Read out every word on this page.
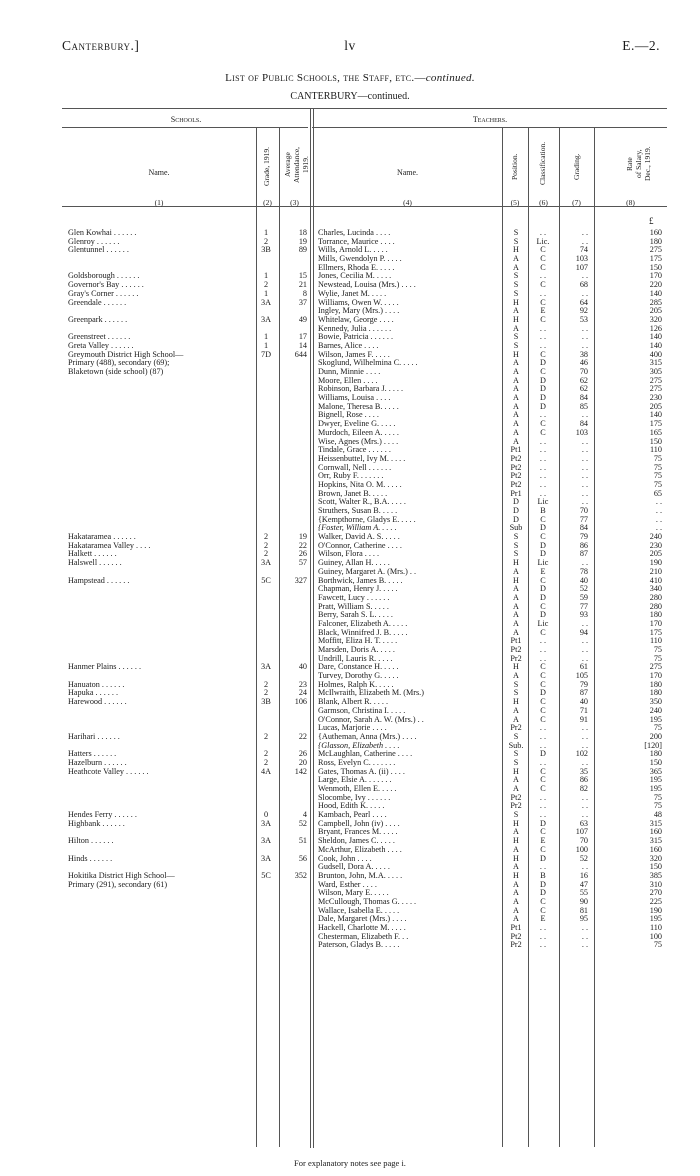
Canterbury.]	lv	E.—2.
List of Public Schools, the Staff, etc.—continued.
CANTERBURY—continued.
Schools.	Teachers.
Name.	Grade, 1919. Average
Attendance,
1919.	Name.	Position.	Classification.	Grading.	Rate
of Salary,
Dec., 1919.
(1)	(2)	(3)	(4)	(5)	(6)	(7)	(8)
£
Glen Kowhai . . . . . .	1	18 Charles, Lucinda . . . .	S	. .	. .	160
Glenroy . . . . . .	2	19 Torrance, Maurice . . . .	S	Lic.	. .	180
Glentunnel . . . . . .	3B	89 Wills, Arnold L. . . . .	H	C	74	275
Mills, Gwendolyn P. . . . .	A	C	103	175
Ellmers, Rhoda E. . . . .	A	C	107	150
Goldsborough . . . . . .	1	15 Jones, Cecilia M. . . . .	S	. .	. .	170
Governor's Bay . . . . . .	2	21 Newstead, Louisa (Mrs.) . . . .	S	C	68	220
Gray's Corner . . . . . .	1	8 Wylie, Janet M. . . . .	S	. .	. .	140
Greendale . . . . . .	3A	37 Williams, Owen W. . . . .	H	C	64	285
Ingley, Mary (Mrs.) . . . .	A	E	92	205
Greenpark . . . . . .	3A	49 Whitelaw, George . . . .	H	C	53	320
Kennedy, Julia . . . . . .	A	. .	. .	126
Greenstreet . . . . . .	1	17 Bowie, Patricia . . . . . .	S	. .	. .	140
Greta Valley . . . . . .	1	14 Barnes, Alice . . . .	S	. .	. .	140
Greymouth District High School—	7D	644 Wilson, James F. . . . .	H	C	38	400
Primary (488), secondary (69);	Skoglund, Wilhelmina C. . . . .	A	D	46	315
Blaketown (side school) (87)	Dunn, Minnie . . . .	A	C	70	305
Moore, Ellen . . . .	A	D	62	275
Robinson, Barbara J. . . . .	A	D	62	275
Williams, Louisa . . . .	A	D	84	230
Malone, Theresa B. . . . .	A	D	85	205
Bignell, Rose . . . .	A	. .	. .	140
Dwyer, Eveline G. . . . .	A	C	84	175
Murdoch, Eileen A. . . . .	A	C	103	165
Wise, Agnes (Mrs.) . . . .	A	. .	. .	150
Tindale, Grace . . . . . .	Pt1	. .	. .	110
Heissenbuttel, Ivy M. . . . .	Pt2	. .	. .	75
Cornwall, Nell . . . . . .	Pt2	. .	. .	75
Orr, Ruby F. . . . . . .	Pt2	. .	. .	75
Hopkins, Nita O. M. . . . .	Pt2	. .	. .	75
Brown, Janet B. . . . .	Pr1	. .	. .	65
Scott, Walter R., B.A. . . . .	D	Lic	. .	. .
Struthers, Susan B. . . . .	D	B	70	. .
{Kempthorne, Gladys E. . . . .	D	C	77	. .
{Foster, William A. . . . .	Sub	D	84	. .
Hakataramea . . . . . .	2	19 Walker, David A. S. . . . .	S	C	79	240
Hakataramea Valley . . . .	2	22 O'Connor, Catherine . . . .	S	D	86	230
Halkett . . . . . .	2	26 Wilson, Flora . . . .	S	D	87	205
Halswell . . . . . .	3A	57 Guiney, Allan H. . . . .	H	Lic	. .	190
Guiney, Margaret A. (Mrs.) . .	A	E	78	210
Hampstead . . . . . .	5C	327 Borthwick, James B. . . . .	H	C	40	410
Chapman, Henry J. . . . .	A	D	52	340
Fawcett, Lucy . . . . . .	A	D	59	280
Pratt, William S. . . . .	A	C	77	280
Berry, Sarah S. L. . . . .	A	D	93	180
Falconer, Elizabeth A. . . . .	A	Lic	. .	170
Black, Winnifred J. B. . . . .	A	C	94	175
Moffitt, Eliza H. T. . . . .	Pt1	. .	. .	110
Marsden, Doris A. . . . .	Pt2	. .	. .	75
Undrill, Lauris R. . . . .	Pr2	. .	. .	75
Hanmer Plains . . . . . .	3A	40 Dare, Constance H. . . . .	H	C	61	275
Turvey, Dorothy G. . . . .	A	C	105	170
Hanuaton . . . . . .	2	23 Holmes, Ralph K. . . . .	S	C	79	180
Hapuka . . . . . .	2	24 McIlwraith, Elizabeth M. (Mrs.)	S	D	87	180
Harewood . . . . . .	3B	106 Blank, Albert R. . . . .	H	C	40	350
Garmson, Christina I. . . . .	A	C	71	240
O'Connor, Sarah A. W. (Mrs.) . .	A	C	91	195
Lucas, Marjorie . . . .	Pr2	. .	. .	75
Harihari . . . . . .	2	22 {Autheman, Anna (Mrs.) . . . .	S	. .	. .	200
{Glasson, Elizabeth . . . .	Sub.	. .	. .	[120]
Hatters . . . . . .	2	26 McLaughlan, Catherine . . . .	S	D	102	180
Hazelburn . . . . . .	2	20 Ross, Evelyn C. . . . . . .	S	. .	. .	150
Heathcote Valley . . . . . .	4A	142 Gates, Thomas A. (ii) . . . .	H	C	35	365
Large, Elsie A. . . . . . .	A	C	86	195
Wenmoth, Ellen E. . . . .	A	C	82	195
Slocombe, Ivy . . . . . .	Pt2	. .	. .	75
Hood, Edith K. . . . .	Pr2	. .	. .	75
Hendes Ferry . . . . . .	0	4 Kambach, Pearl . . . .	S	. .	. .	48
Highbank . . . . . .	3A	52 Campbell, John (iv) . . . .	H	D	63	315
Bryant, Frances M. . . . .	A	C	107	160
Hilton . . . . . .	3A	51 Sheldon, James C. . . . .	H	E	70	315
McArthur, Elizabeth . . . .	A	C	100	160
Hinds . . . . . .	3A	56 Cook, John . . . .	H	D	52	320
Gudsell, Dora A. . . . .	A	. .	. .	150
Hokitika District High School—	5C	352 Brunton, John, M.A. . . . .	H	B	16	385
Primary (291), secondary (61)	Ward, Esther . . . .	A	D	47	310
Wilson, Mary E. . . . .	A	D	55	270
McCullough, Thomas G. . . . .	A	C	90	225
Wallace, Isabella E. . . . .	A	C	81	190
Dale, Margaret (Mrs.) . . . .	A	E	95	195
Hackell, Charlotte M. . . . .	Pt1	. .	. .	110
Chesterman, Elizabeth F. . .	Pt2	. .	. .	100
Paterson, Gladys B. . . . .	Pr2	. .	. .	75
For explanatory notes see page i.
